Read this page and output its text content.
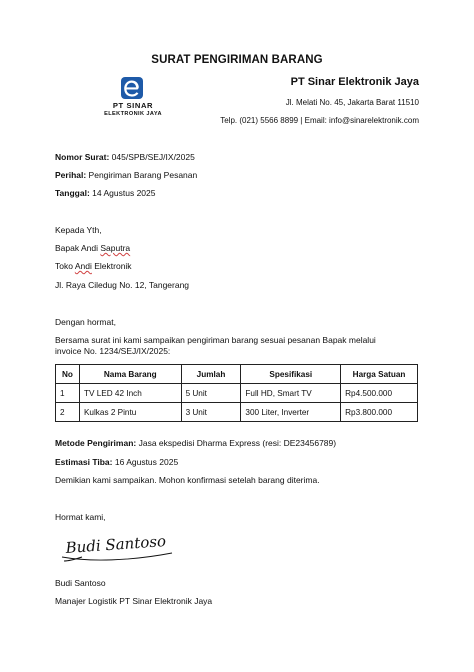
SURAT PENGIRIMAN BARANG
PT SINAR
ELEKTRONIK JAYA
PT Sinar Elektronik Jaya
Jl. Melati No. 45, Jakarta Barat 11510
Telp. (021) 5566 8899 | Email: info@sinarelektronik.com
Nomor Surat: 045/SPB/SEJ/IX/2025
Perihal: Pengiriman Barang Pesanan
Tanggal: 14 Agustus 2025
Kepada Yth,
Bapak Andi Saputra
Toko Andi Elektronik
Jl. Raya Ciledug No. 12, Tangerang
Dengan hormat,
Bersama surat ini kami sampaikan pengiriman barang sesuai pesanan Bapak melalui
invoice No. 1234/SEJ/IX/2025:
No	Nama Barang	Jumlah	Spesifikasi	Harga Satuan
1	TV LED 42 Inch	5 Unit	Full HD, Smart TV	Rp4.500.000
2	Kulkas 2 Pintu	3 Unit	300 Liter, Inverter	Rp3.800.000
Metode Pengiriman: Jasa ekspedisi Dharma Express (resi: DE23456789)
Estimasi Tiba: 16 Agustus 2025
Demikian kami sampaikan. Mohon konfirmasi setelah barang diterima.
Hormat kami,
Budi Santoso
Budi Santoso
Manajer Logistik PT Sinar Elektronik Jaya
